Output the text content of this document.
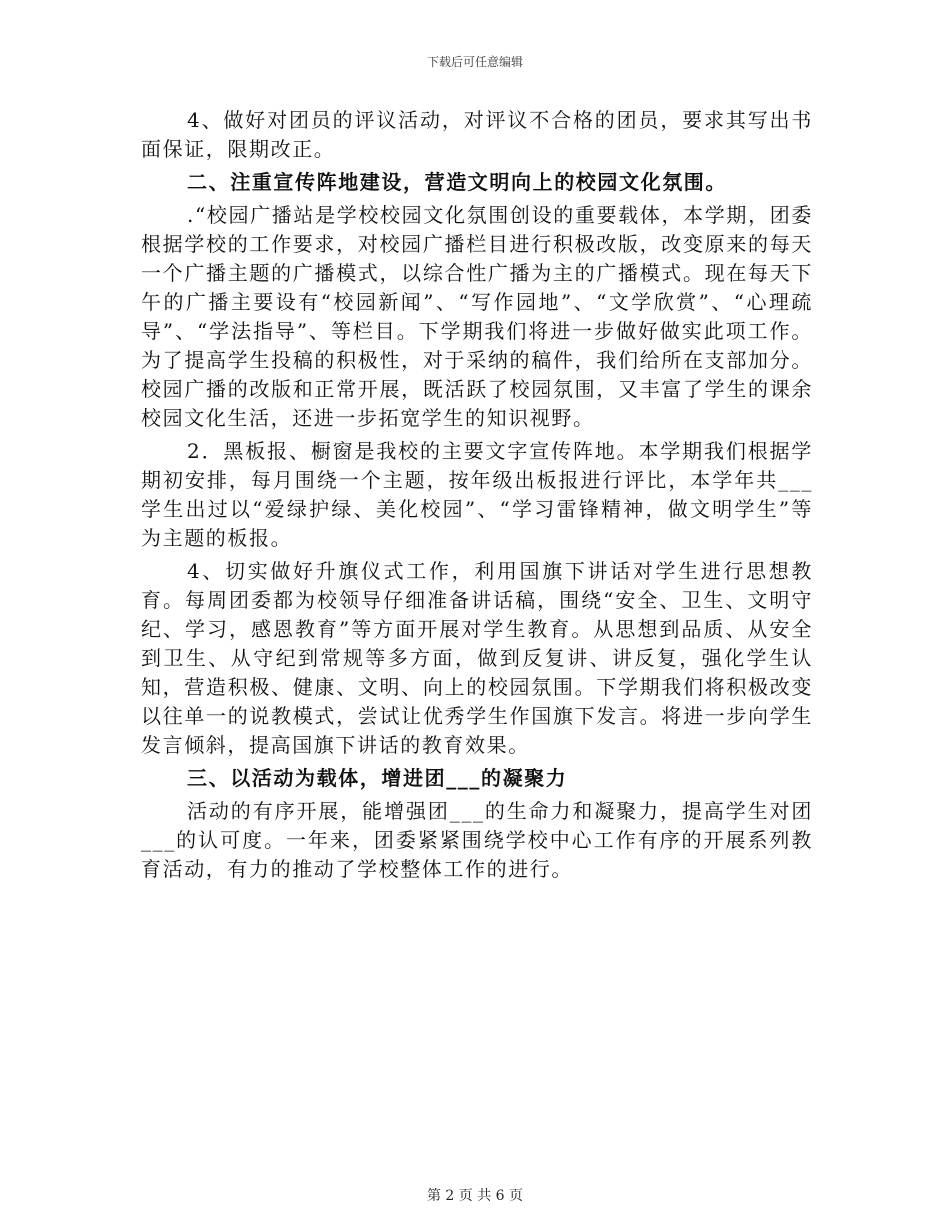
下载后可任意编辑

4、做好对团员的评议活动，对评议不合格的团员，要求其写出书面保证，限期改正。

二、注重宣传阵地建设，营造文明向上的校园文化氛围。

.“校园广播站是学校校园文化氛围创设的重要载体，本学期，团委根据学校的工作要求，对校园广播栏目进行积极改版，改变原来的每天一个广播主题的广播模式，以综合性广播为主的广播模式。现在每天下午的广播主要设有“校园新闻”、“写作园地”、“文学欣赏”、“心理疏导”、“学法指导”、等栏目。下学期我们将进一步做好做实此项工作。为了提高学生投稿的积极性，对于采纳的稿件，我们给所在支部加分。校园广播的改版和正常开展，既活跃了校园氛围，又丰富了学生的课余校园文化生活，还进一步拓宽学生的知识视野。

2．黑板报、橱窗是我校的主要文字宣传阵地。本学期我们根据学期初安排，每月围绕一个主题，按年级出板报进行评比，本学年共___学生出过以“爱绿护绿、美化校园”、“学习雷锋精神，做文明学生”等为主题的板报。

4、切实做好升旗仪式工作，利用国旗下讲话对学生进行思想教育。每周团委都为校领导仔细准备讲话稿，围绕“安全、卫生、文明守纪、学习，感恩教育”等方面开展对学生教育。从思想到品质、从安全到卫生、从守纪到常规等多方面，做到反复讲、讲反复，强化学生认知，营造积极、健康、文明、向上的校园氛围。下学期我们将积极改变以往单一的说教模式，尝试让优秀学生作国旗下发言。将进一步向学生发言倾斜，提高国旗下讲话的教育效果。

三、以活动为载体，增进团___的凝聚力

活动的有序开展，能增强团___的生命力和凝聚力，提高学生对团___的认可度。一年来，团委紧紧围绕学校中心工作有序的开展系列教育活动，有力的推动了学校整体工作的进行。

第 2 页 共 6 页
